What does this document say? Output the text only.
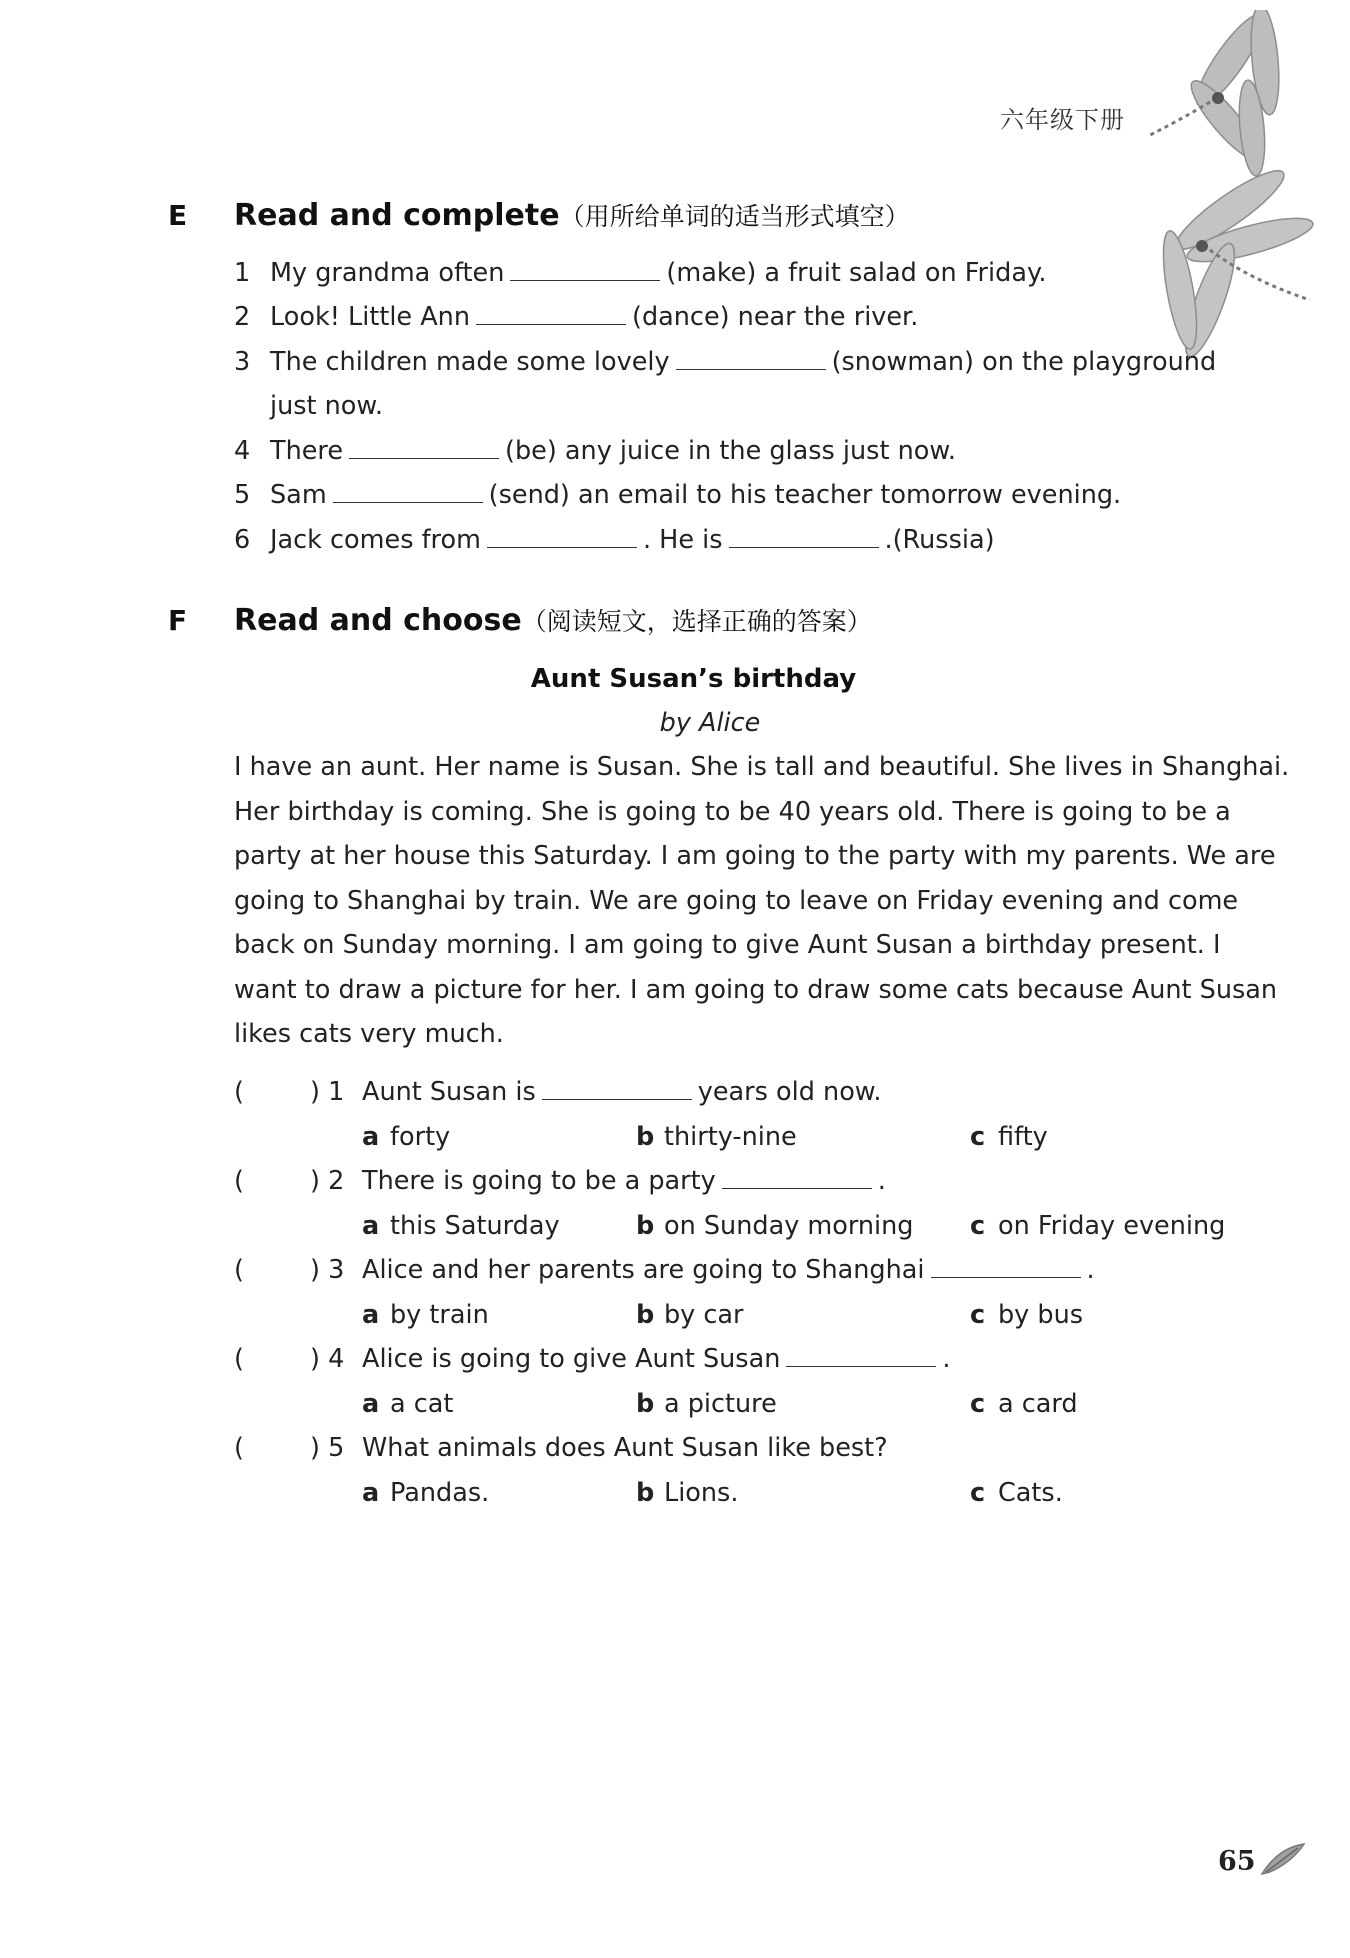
六年级下册
E Read and complete（用所给单词的适当形式填空）
1 My grandma often	(make) a fruit salad on Friday.
2 Look! Little Ann	(dance) near the river.
3 The children made some lovely	(snowman) on the playground
just now.
4 There	(be) any juice in the glass just now.
5 Sam	(send) an email to his teacher tomorrow evening.
6 Jack comes from	. He is	.(Russia)
F Read and choose（阅读短文，选择正确的答案）
Aunt Susan’s birthday
by Alice
I have an aunt. Her name is Susan. She is tall and beautiful. She lives in Shanghai.
Her birthday is coming. She is going to be 40 years old. There is going to be a
party at her house this Saturday. I am going to the party with my parents. We are
going to Shanghai by train. We are going to leave on Friday evening and come
back on Sunday morning. I am going to give Aunt Susan a birthday present. I
want to draw a picture for her. I am going to draw some cats because Aunt Susan
likes cats very much.
(	) 1 Aunt Susan is	years old now.
a forty	b thirty-nine	c fifty
(	) 2 There is going to be a party	.
a this Saturday	b on Sunday morning c on Friday evening
(	) 3 Alice and her parents are going to Shanghai	.
a by train	b by car	c by bus
(	) 4 Alice is going to give Aunt Susan	.
a a cat	b a picture	c a card
(	) 5 What animals does Aunt Susan like best?
a Pandas.	b Lions.	c Cats.
65
